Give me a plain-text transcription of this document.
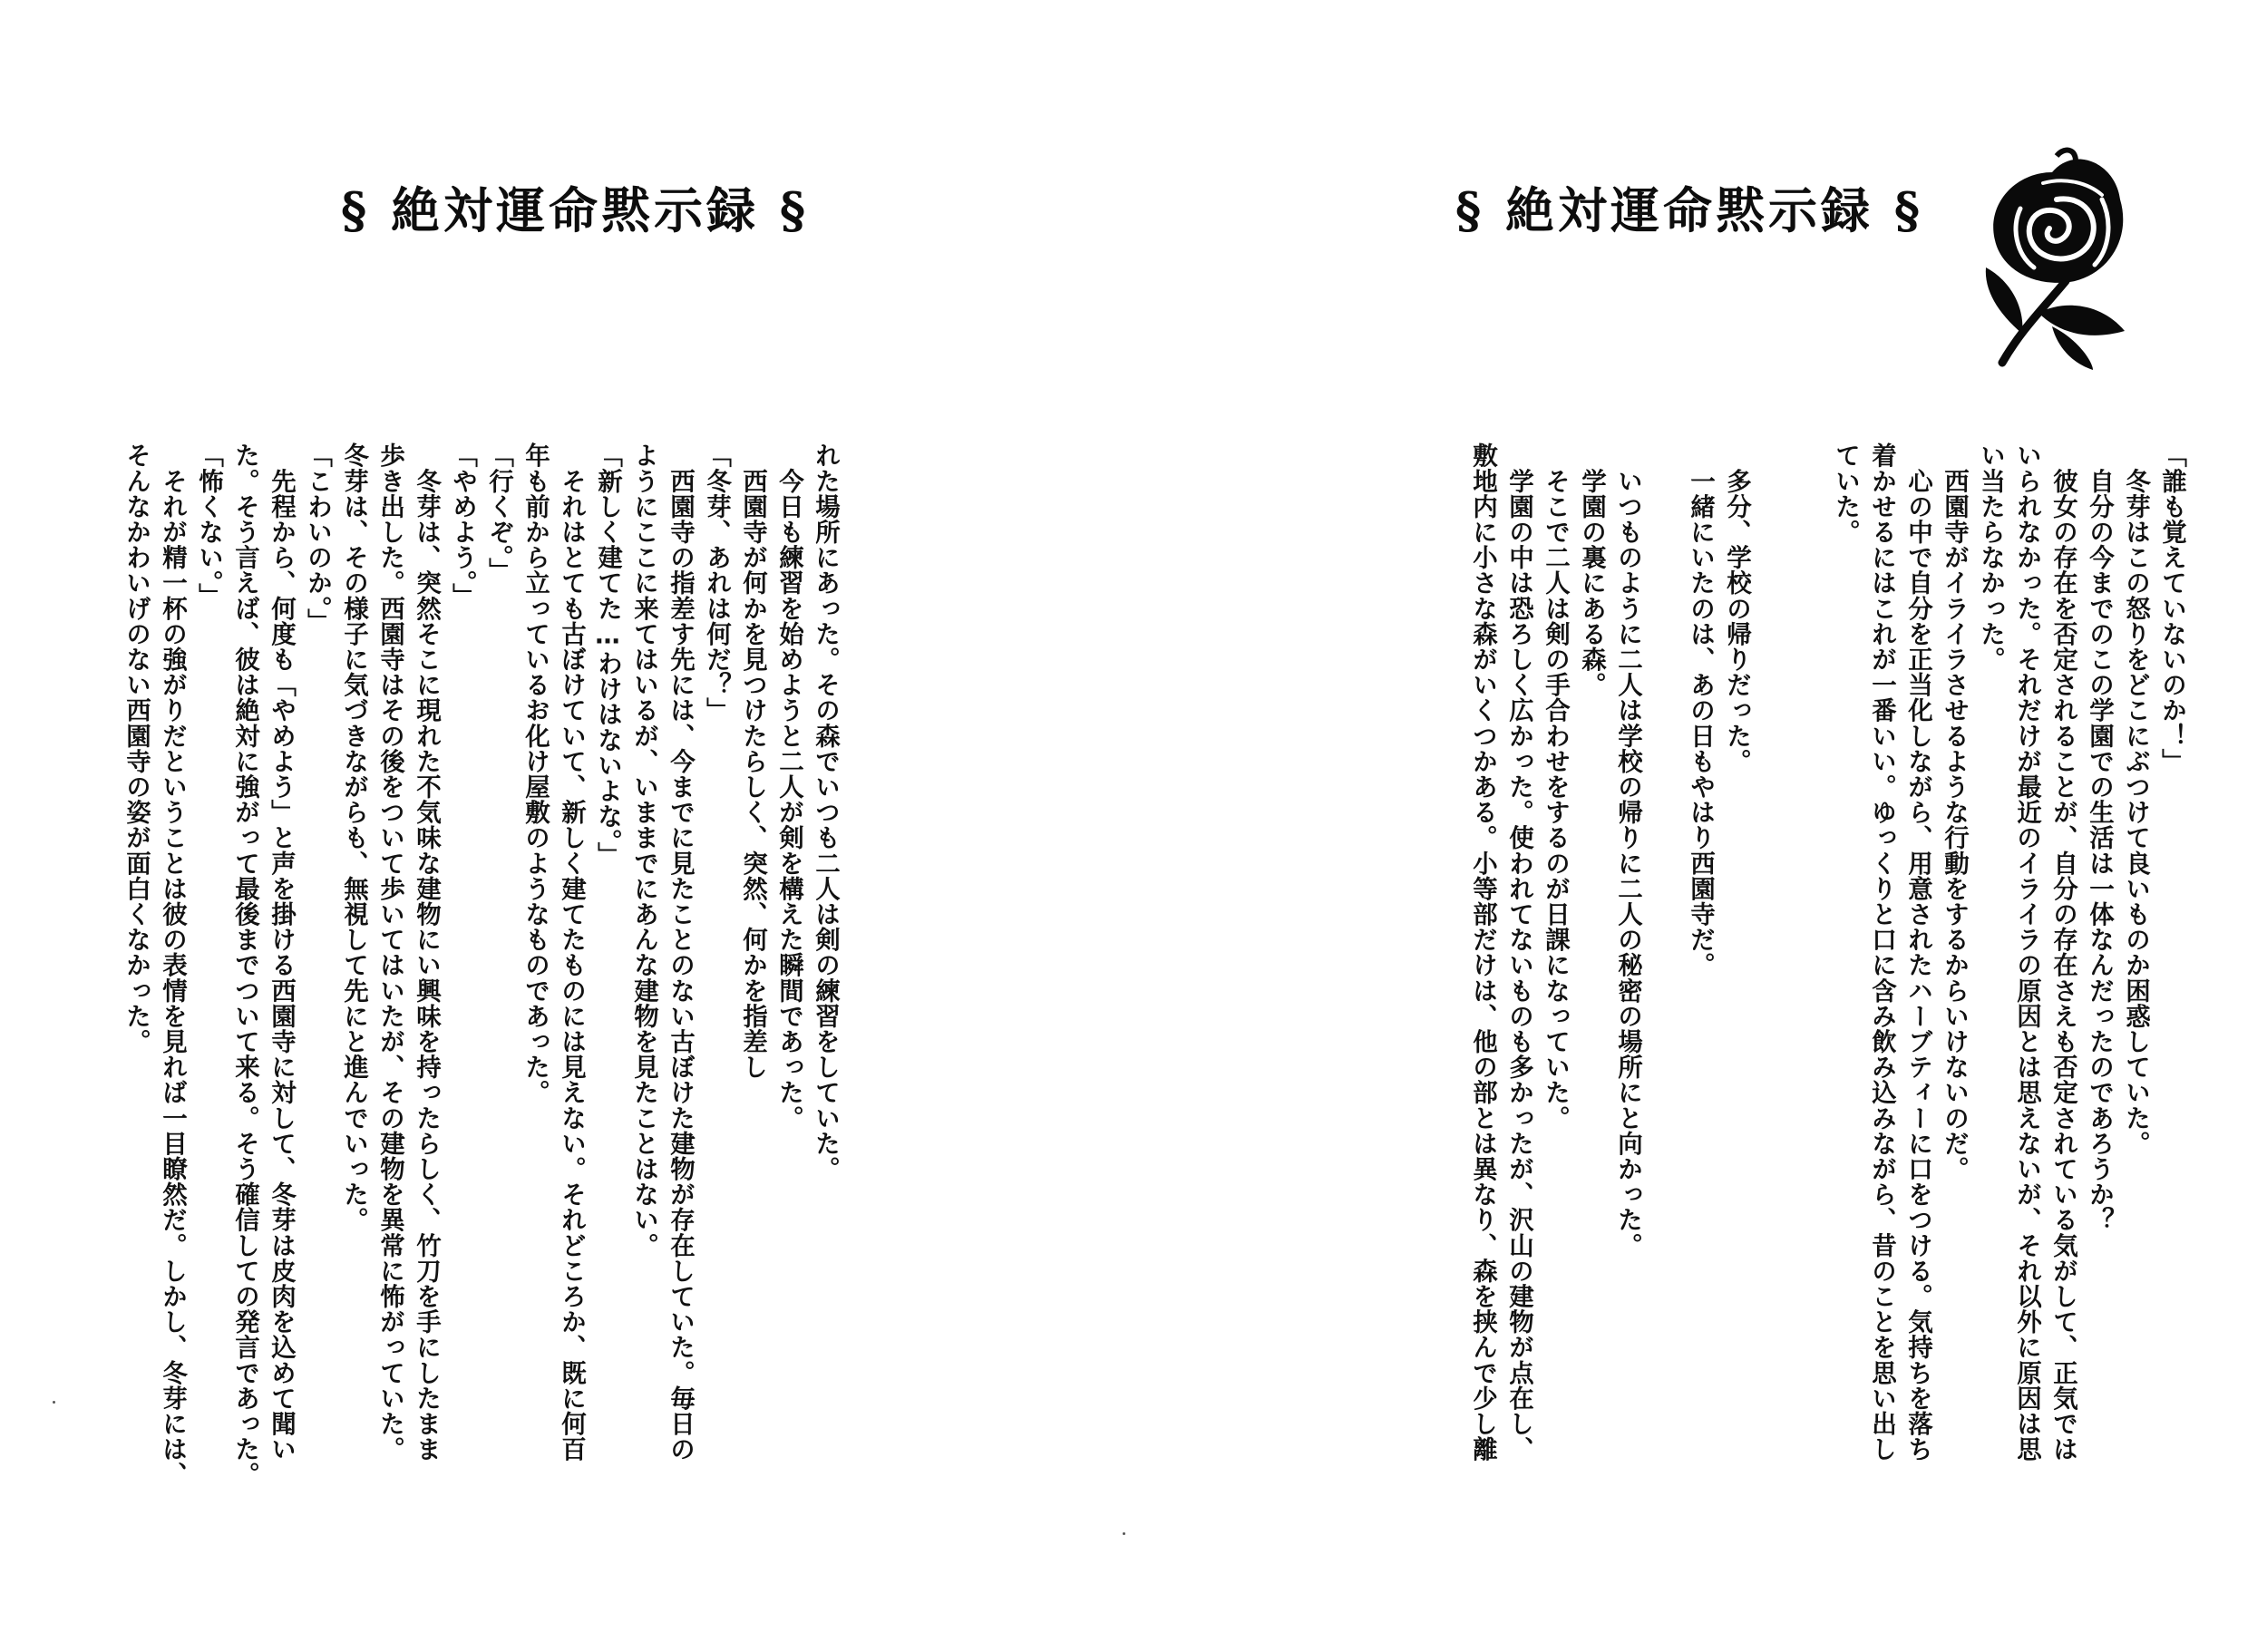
§ 絶対運命黙示録 §
れた場所にあった。その森でいつも二人は剣の練習をしていた。
　今日も練習を始めようと二人が剣を構えた瞬間であった。
　西園寺が何かを見つけたらしく、突然、何かを指差し
「冬芽、あれは何だ？」
　西園寺の指差す先には、今までに見たことのない古ぼけた建物が存在していた。毎日の
ようにここに来てはいるが、いままでにあんな建物を見たことはない。
「新しく建てた…わけはないよな。」
　それはとても古ぼけていて、新しく建てたものには見えない。それどころか、既に何百
年も前から立っているお化け屋敷のようなものであった。
「行くぞ。」
「やめよう。」
　冬芽は、突然そこに現れた不気味な建物にい興味を持ったらしく、竹刀を手にしたまま
歩き出した。西園寺はその後をついて歩いてはいたが、その建物を異常に怖がっていた。
冬芽は、その様子に気づきながらも、無視して先にと進んでいった。
「こわいのか。」
　先程から、何度も「やめよう」と声を掛ける西園寺に対して、冬芽は皮肉を込めて聞い
た。そう言えば、彼は絶対に強がって最後までついて来る。そう確信しての発言であった。
「怖くない。」
　それが精一杯の強がりだということは彼の表情を見れば一目瞭然だ。しかし、冬芽には、
そんなかわいげのない西園寺の姿が面白くなかった。
§ 絶対運命黙示録 §
「誰も覚えていないのか！」
　冬芽はこの怒りをどこにぶつけて良いものか困惑していた。
　自分の今までのこの学園での生活は一体なんだったのであろうか？
　彼女の存在を否定されることが、自分の存在さえも否定されている気がして、正気では
いられなかった。それだけが最近のイライラの原因とは思えないが、それ以外に原因は思
い当たらなかった。
　西園寺がイライラさせるような行動をするからいけないのだ。
　心の中で自分を正当化しながら、用意されたハーブティーに口をつける。気持ちを落ち
着かせるにはこれが一番いい。ゆっくりと口に含み飲み込みながら、昔のことを思い出し
ていた。

　多分、学校の帰りだった。
　一緒にいたのは、あの日もやはり西園寺だ。

　いつものように二人は学校の帰りに二人の秘密の場所にと向かった。
　学園の裏にある森。
　そこで二人は剣の手合わせをするのが日課になっていた。
　学園の中は恐ろしく広かった。使われてないものも多かったが、沢山の建物が点在し、
敷地内に小さな森がいくつかある。小等部だけは、他の部とは異なり、森を挟んで少し離
